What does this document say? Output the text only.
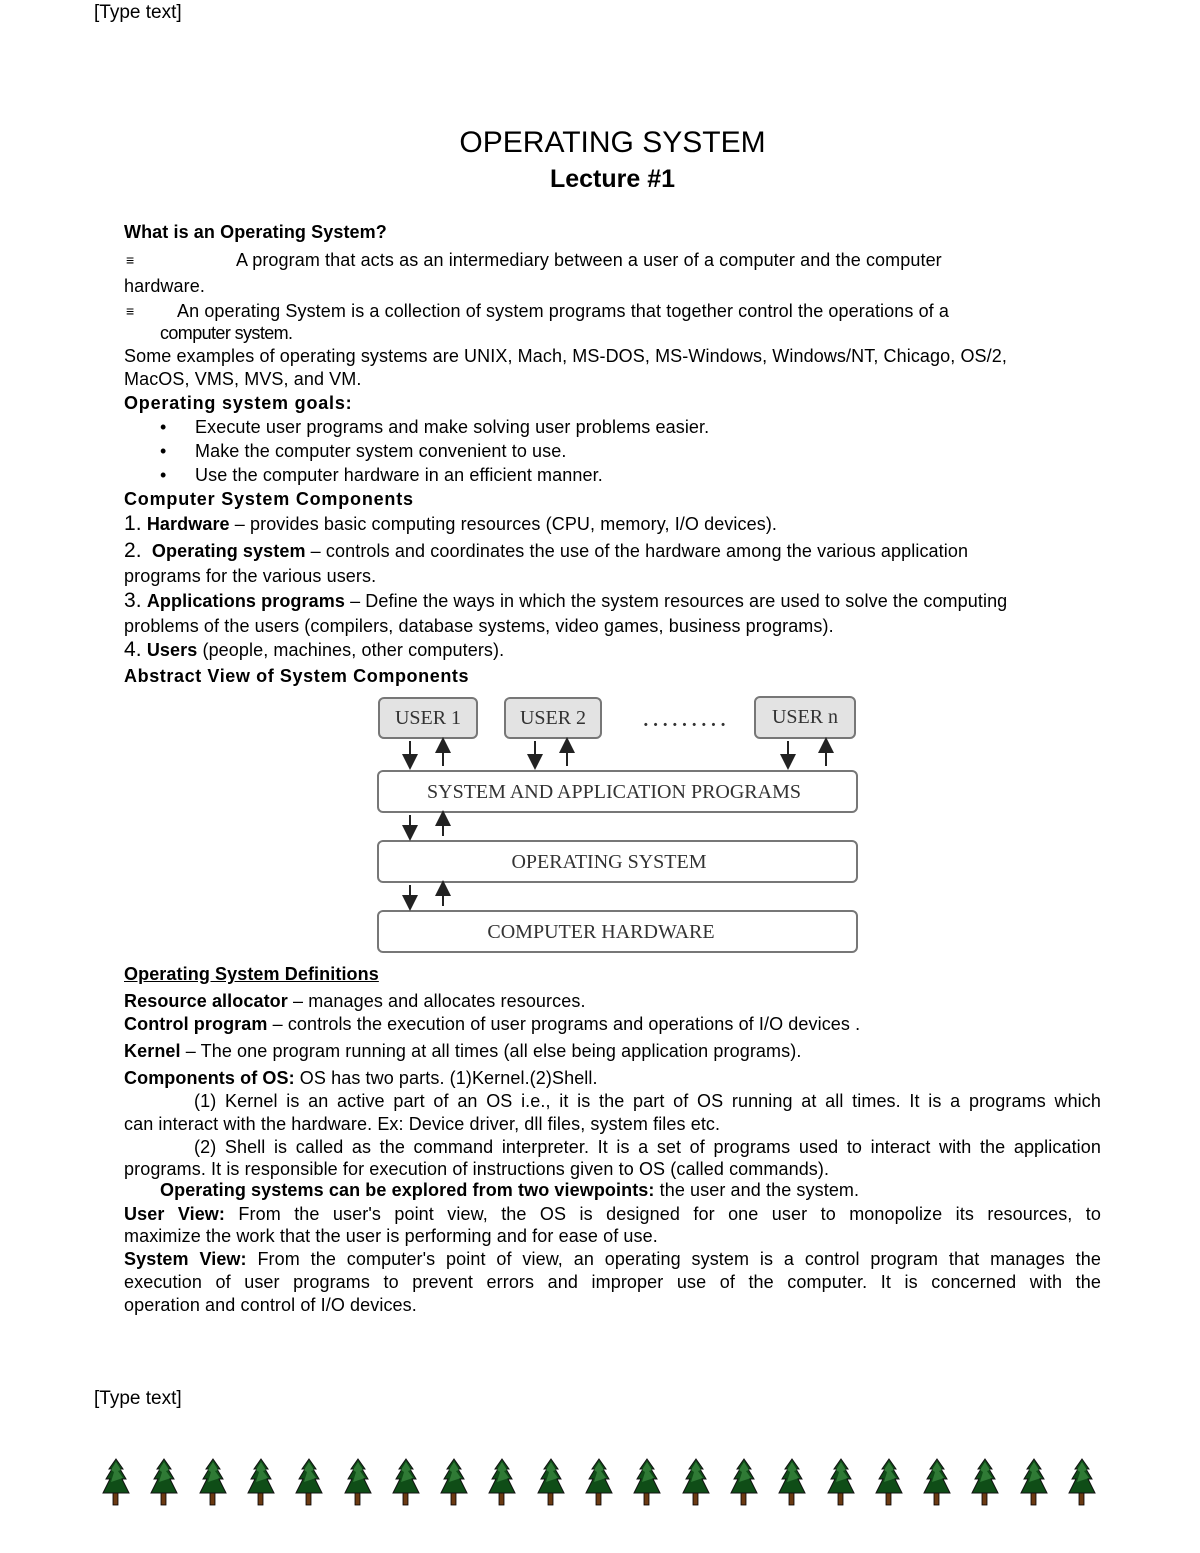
[Type text]
OPERATING SYSTEM
Lecture #1
What is an Operating System?
≡	A program that acts as an intermediary between a user of a computer and the computer
hardware.
≡ An operating System is a collection of system programs that together control the operations of a
computer system.
Some examples of operating systems are UNIX, Mach, MS-DOS, MS-Windows, Windows/NT, Chicago, OS/2,
MacOS, VMS, MVS, and VM.
Operating system goals:
• Execute user programs and make solving user problems easier.
• Make the computer system convenient to use.
• Use the computer hardware in an efficient manner.
Computer System Components
1. Hardware – provides basic computing resources (CPU, memory, I/O devices).
2. Operating system – controls and coordinates the use of the hardware among the various application
programs for the various users.
3. Applications programs – Define the ways in which the system resources are used to solve the computing
problems of the users (compilers, database systems, video games, business programs).
4. Users (people, machines, other computers).
Abstract View of System Components
USER 1	USER 2	USER n
·········
SYSTEM AND APPLICATION PROGRAMS
OPERATING SYSTEM
COMPUTER HARDWARE
Operating System Definitions
Resource allocator – manages and allocates resources.
Control program – controls the execution of user programs and operations of I/O devices .
Kernel – The one program running at all times (all else being application programs).
Components of OS: OS has two parts. (1)Kernel.(2)Shell.
(1) Kernel is an active part of an OS i.e., it is the part of OS running at all times. It is a programs which
can interact with the hardware. Ex: Device driver, dll files, system files etc.
(2) Shell is called as the command interpreter. It is a set of programs used to interact with the application
programs. It is responsible for execution of instructions given to OS (called commands).
Operating systems can be explored from two viewpoints: the user and the system.
User View: From the user's point view, the OS is designed for one user to monopolize its resources, to
maximize the work that the user is performing and for ease of use.
System View: From the computer's point of view, an operating system is a control program that manages the
execution of user programs to prevent errors and improper use of the computer. It is concerned with the
operation and control of I/O devices.
[Type text]
